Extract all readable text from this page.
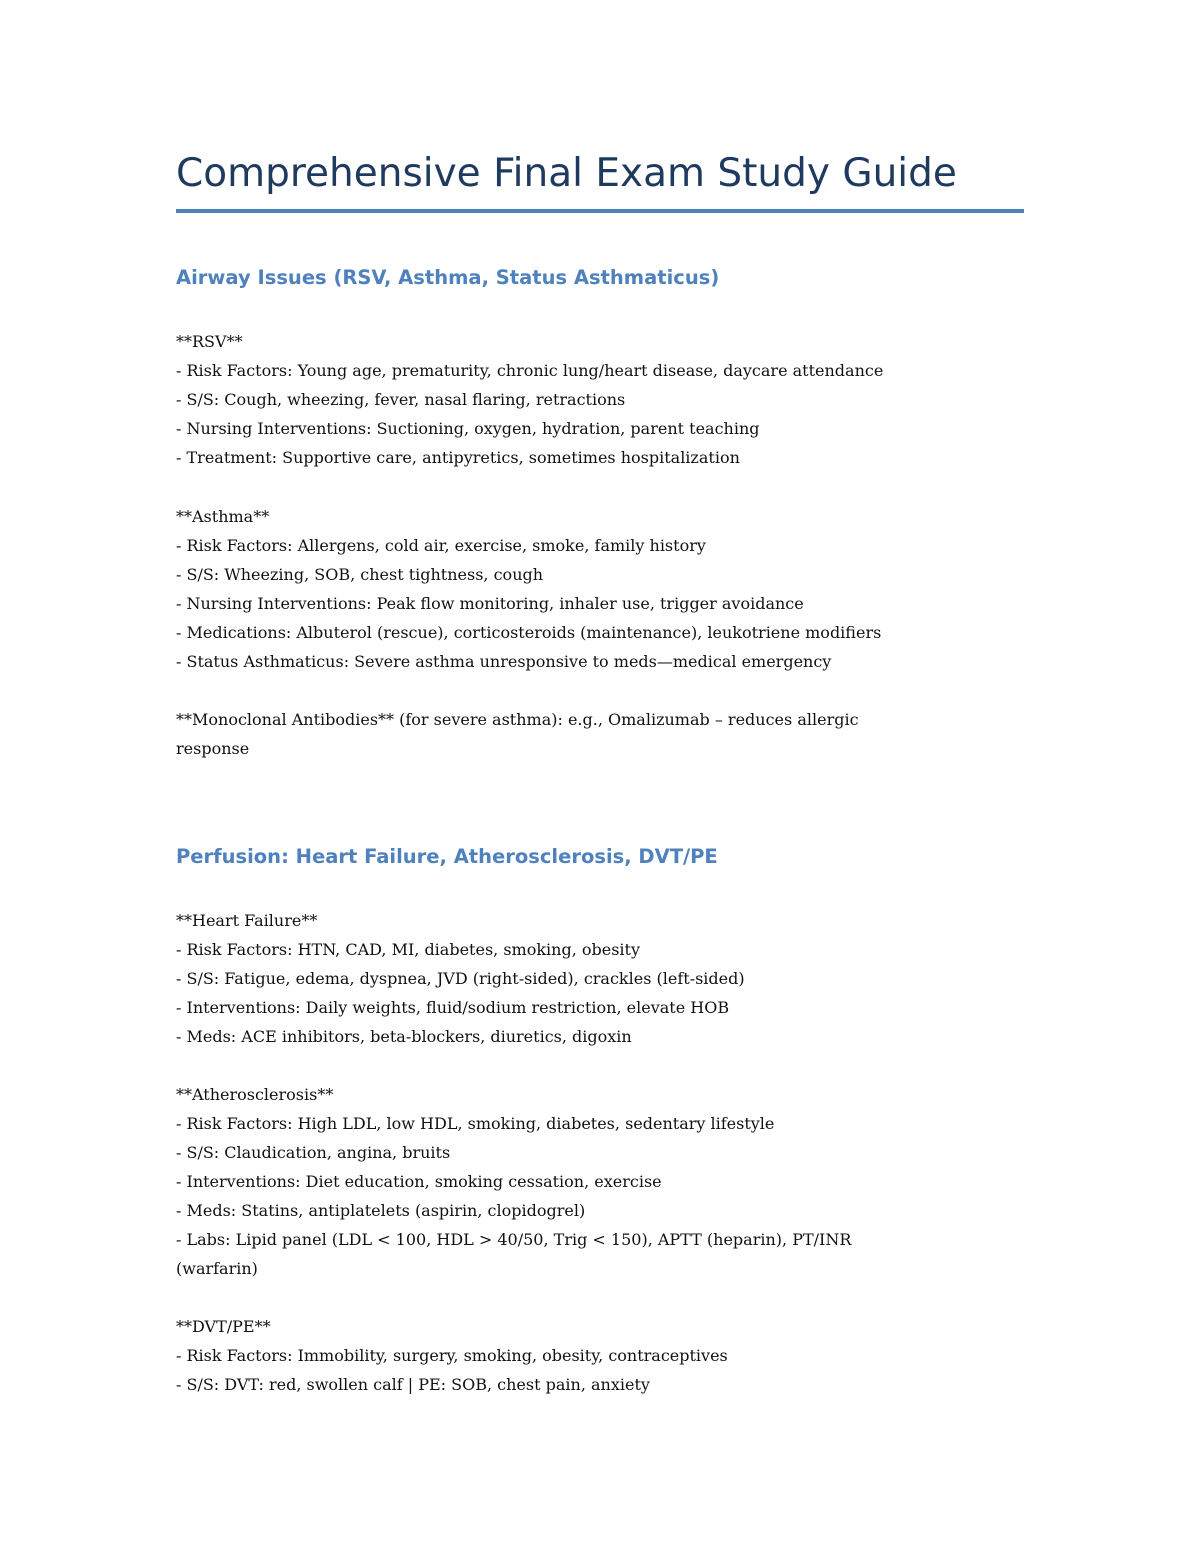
Comprehensive Final Exam Study Guide
Airway Issues (RSV, Asthma, Status Asthmaticus)
**RSV**
- Risk Factors: Young age, prematurity, chronic lung/heart disease, daycare attendance
- S/S: Cough, wheezing, fever, nasal flaring, retractions
- Nursing Interventions: Suctioning, oxygen, hydration, parent teaching
- Treatment: Supportive care, antipyretics, sometimes hospitalization
**Asthma**
- Risk Factors: Allergens, cold air, exercise, smoke, family history
- S/S: Wheezing, SOB, chest tightness, cough
- Nursing Interventions: Peak flow monitoring, inhaler use, trigger avoidance
- Medications: Albuterol (rescue), corticosteroids (maintenance), leukotriene modifiers
- Status Asthmaticus: Severe asthma unresponsive to meds—medical emergency
**Monoclonal Antibodies** (for severe asthma): e.g., Omalizumab – reduces allergic
response
Perfusion: Heart Failure, Atherosclerosis, DVT/PE
**Heart Failure**
- Risk Factors: HTN, CAD, MI, diabetes, smoking, obesity
- S/S: Fatigue, edema, dyspnea, JVD (right-sided), crackles (left-sided)
- Interventions: Daily weights, fluid/sodium restriction, elevate HOB
- Meds: ACE inhibitors, beta-blockers, diuretics, digoxin
**Atherosclerosis**
- Risk Factors: High LDL, low HDL, smoking, diabetes, sedentary lifestyle
- S/S: Claudication, angina, bruits
- Interventions: Diet education, smoking cessation, exercise
- Meds: Statins, antiplatelets (aspirin, clopidogrel)
- Labs: Lipid panel (LDL < 100, HDL > 40/50, Trig < 150), APTT (heparin), PT/INR
(warfarin)
**DVT/PE**
- Risk Factors: Immobility, surgery, smoking, obesity, contraceptives
- S/S: DVT: red, swollen calf | PE: SOB, chest pain, anxiety
